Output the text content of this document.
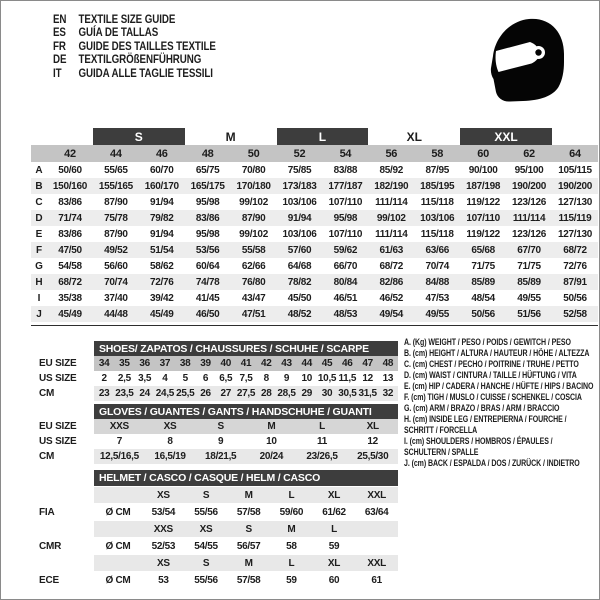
EN	TEXTILE SIZE GUIDE
ES	GUÍA DE TALLAS
FR	GUIDE DES TAILLES TEXTILE
DE	TEXTILGRÖßENFÜHRUNG
IT	GUIDA ALLE TAGLIE TESSILI
		S		M		L		XL		XXL		
	42	44	46	48	50	52	54	56	58	60	62	64
A	50/60	55/65	60/70	65/75	70/80	75/85	83/88	85/92	87/95	90/100	95/100	105/115
B	150/160	155/165	160/170	165/175	170/180	173/183	177/187	182/190	185/195	187/198	190/200	190/200
C	83/86	87/90	91/94	95/98	99/102	103/106	107/110	111/114	115/118	119/122	123/126	127/130
D	71/74	75/78	79/82	83/86	87/90	91/94	95/98	99/102	103/106	107/110	111/114	115/119
E	83/86	87/90	91/94	95/98	99/102	103/106	107/110	111/114	115/118	119/122	123/126	127/130
F	47/50	49/52	51/54	53/56	55/58	57/60	59/62	61/63	63/66	65/68	67/70	68/72
G	54/58	56/60	58/62	60/64	62/66	64/68	66/70	68/72	70/74	71/75	71/75	72/76
H	68/72	70/74	72/76	74/78	76/80	78/82	80/84	82/86	84/88	85/89	85/89	87/91
I	35/38	37/40	39/42	41/45	43/47	45/50	46/51	46/52	47/53	48/54	49/55	50/56
J	45/49	44/48	45/49	46/50	47/51	48/52	48/53	49/54	49/55	50/56	51/56	52/58
SHOES/ ZAPATOS / CHAUSSURES / SCHUHE / SCARPE
EU SIZE	34 35 36 37 38 39 40 41 42 43 44 45 46 47 48
US SIZE	2	2,5 3,5	4	5	6	6,5 7,5	8	9	10 10,5 11,5 12 13
CM	23 23,5 24 24,5 25,5 26 27 27,5 28 28,5 29 30 30,5 31,5 32
GLOVES / GUANTES / GANTS / HANDSCHUHE / GUANTI
EU SIZE	XXS	XS	S	M	L	XL
US SIZE	7	8	9	10	11	12
CM	12,5/16,5	16,5/19	18/21,5	20/24	23/26,5	25,5/30
HELMET / CASCO / CASQUE / HELM / CASCO
XS	S	M	L	XL	XXL
FIA	Ø CM	53/54	55/56	57/58	59/60	61/62	63/64
XXS	XS	S	M	L
CMR	Ø CM	52/53	54/55	56/57	58	59
XS	S	M	L	XL	XXL
ECE	Ø CM	53	55/56	57/58	59	60	61
A. (Kg) WEIGHT / PESO / POIDS / GEWITCH / PESO
B. (cm) HEIGHT / ALTURA / HAUTEUR / HÖHE / ALTEZZA
C. (cm) CHEST / PECHO / POITRINE / TRUHE / PETTO
D. (cm) WAIST / CINTURA / TAILLE / HÜFTUNG / VITA
E. (cm) HIP / CADERA / HANCHE / HÜFTE / HIPS / BACINO
F. (cm) TIGH / MUSLO / CUISSE / SCHENKEL / COSCIA
G. (cm) ARM / BRAZO / BRAS / ARM / BRACCIO
H. (cm) INSIDE LEG / ENTREPIERNA / FOURCHE /
SCHRITT / FORCELLA
I. (cm) SHOULDERS / HOMBROS / ÉPAULES /
SCHULTERN / SPALLE
J. (cm) BACK / ESPALDA / DOS / ZURÜCK / INDIETRO
